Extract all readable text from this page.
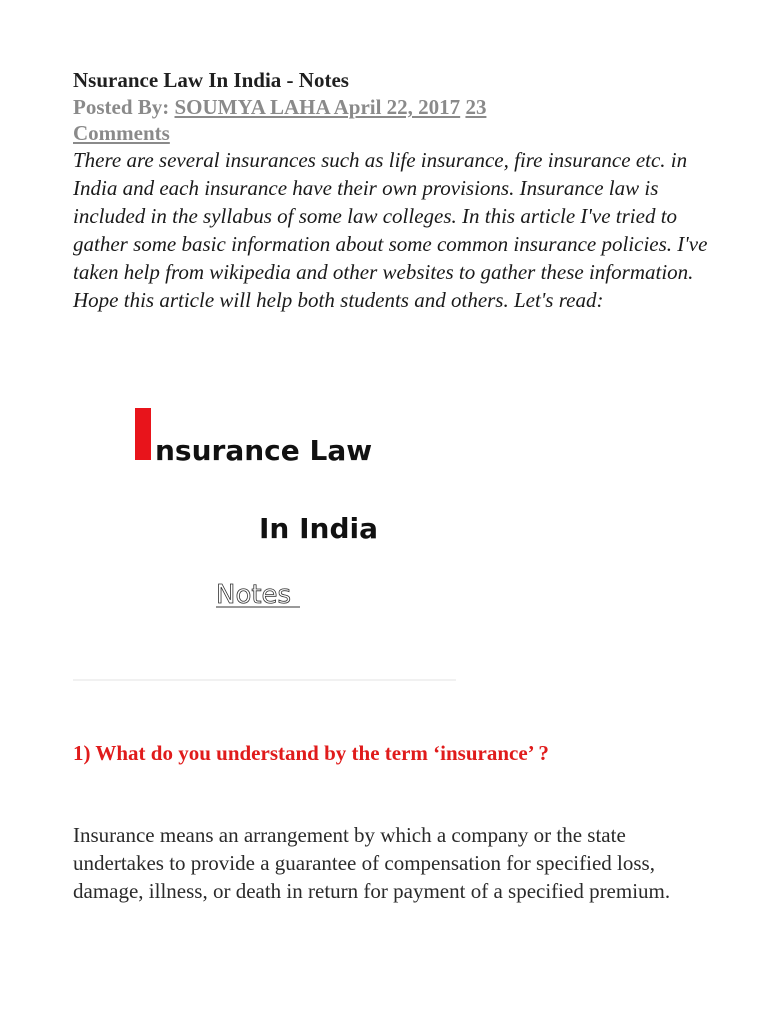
Nsurance Law In India - Notes

Posted By: SOUMYA LAHA April 22, 2017 23
Comments

There are several insurances such as life insurance, fire insurance etc. in India and each insurance have their own provisions. Insurance law is included in the syllabus of some law colleges. In this article I've tried to gather some basic information about some common insurance policies. I've taken help from wikipedia and other websites to gather these information. Hope this article will help both students and others. Let's read:

I nsurance Law
In India
Notes

1) What do you understand by the term ‘insurance’ ?

Insurance means an arrangement by which a company or the state undertakes to provide a guarantee of compensation for specified loss, damage, illness, or death in return for payment of a specified premium.
